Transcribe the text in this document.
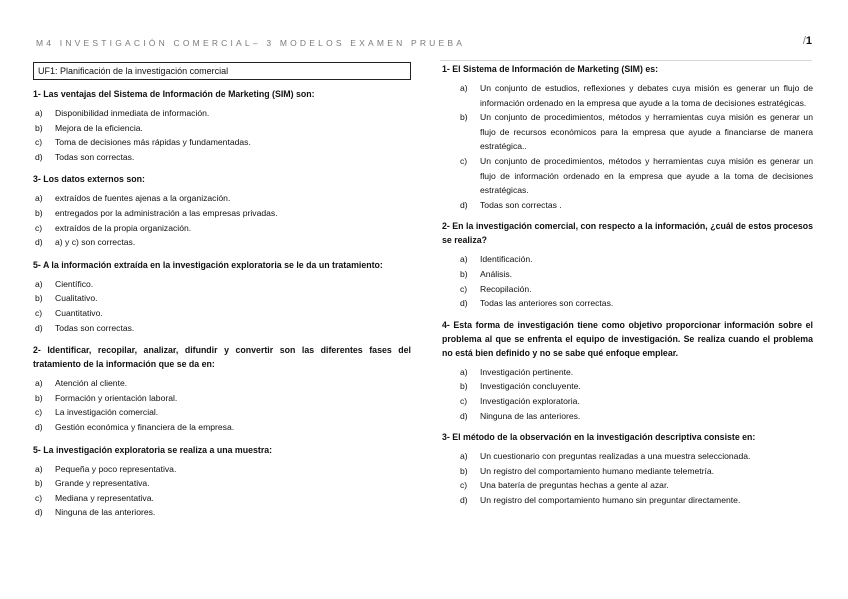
M4 INVESTIGACIÓN COMERCIAL– 3 MODELOS EXAMEN PRUEBA	/1
UF1: Planificación de la investigación comercial
1- Las ventajas del Sistema de Información de Marketing (SIM) son:
a)	Disponibilidad inmediata de información.
b)	Mejora de la eficiencia.
c)	Toma de decisiones más rápidas y fundamentadas.
d)	Todas son correctas.
3- Los datos externos son:
a)	extraídos de fuentes ajenas a la organización.
b)	entregados por la administración a las empresas privadas.
c)	extraídos de la propia organización.
d)	a) y c) son correctas.
5- A la información extraída en la investigación exploratoria se le da un tratamiento:
a)	Científico.
b)	Cualitativo.
c)	Cuantitativo.
d)	Todas son correctas.
2- Identificar, recopilar, analizar, difundir y convertir son las diferentes fases del tratamiento de la información que se da en:
a)	Atención al cliente.
b)	Formación y orientación laboral.
c)	La investigación comercial.
d)	Gestión económica y financiera de la empresa.
5- La investigación exploratoria se realiza a una muestra:
a)	Pequeña y poco representativa.
b)	Grande y representativa.
c)	Mediana y representativa.
d)	Ninguna de las anteriores.
1- El Sistema de Información de Marketing (SIM) es:
a)	Un conjunto de estudios, reflexiones y debates cuya misión es generar un flujo de información ordenado en la empresa que ayude a la toma de decisiones estratégicas.
b)	Un conjunto de procedimientos, métodos y herramientas cuya misión es generar un flujo de recursos económicos para la empresa que ayude a financiarse de manera estratégica..
c)	Un conjunto de procedimientos, métodos y herramientas cuya misión es generar un flujo de información ordenado en la empresa que ayude a la toma de decisiones estratégicas.
d)	Todas son correctas .
2- En la investigación comercial, con respecto a la información, ¿cuál de estos procesos se realiza?
a)	Identificación.
b)	Análisis.
c)	Recopilación.
d)	Todas las anteriores son correctas.
4- Esta forma de investigación tiene como objetivo proporcionar información sobre el problema al que se enfrenta el equipo de investigación. Se realiza cuando el problema no está bien definido y no se sabe qué enfoque emplear.
a)	Investigación pertinente.
b)	Investigación concluyente.
c)	Investigación exploratoria.
d)	Ninguna de las anteriores.
3- El método de la observación en la investigación descriptiva consiste en:
a)	Un cuestionario con preguntas realizadas a una muestra seleccionada.
b)	Un registro del comportamiento humano mediante telemetría.
c)	Una batería de preguntas hechas a gente al azar.
d)	Un registro del comportamiento humano sin preguntar directamente.
